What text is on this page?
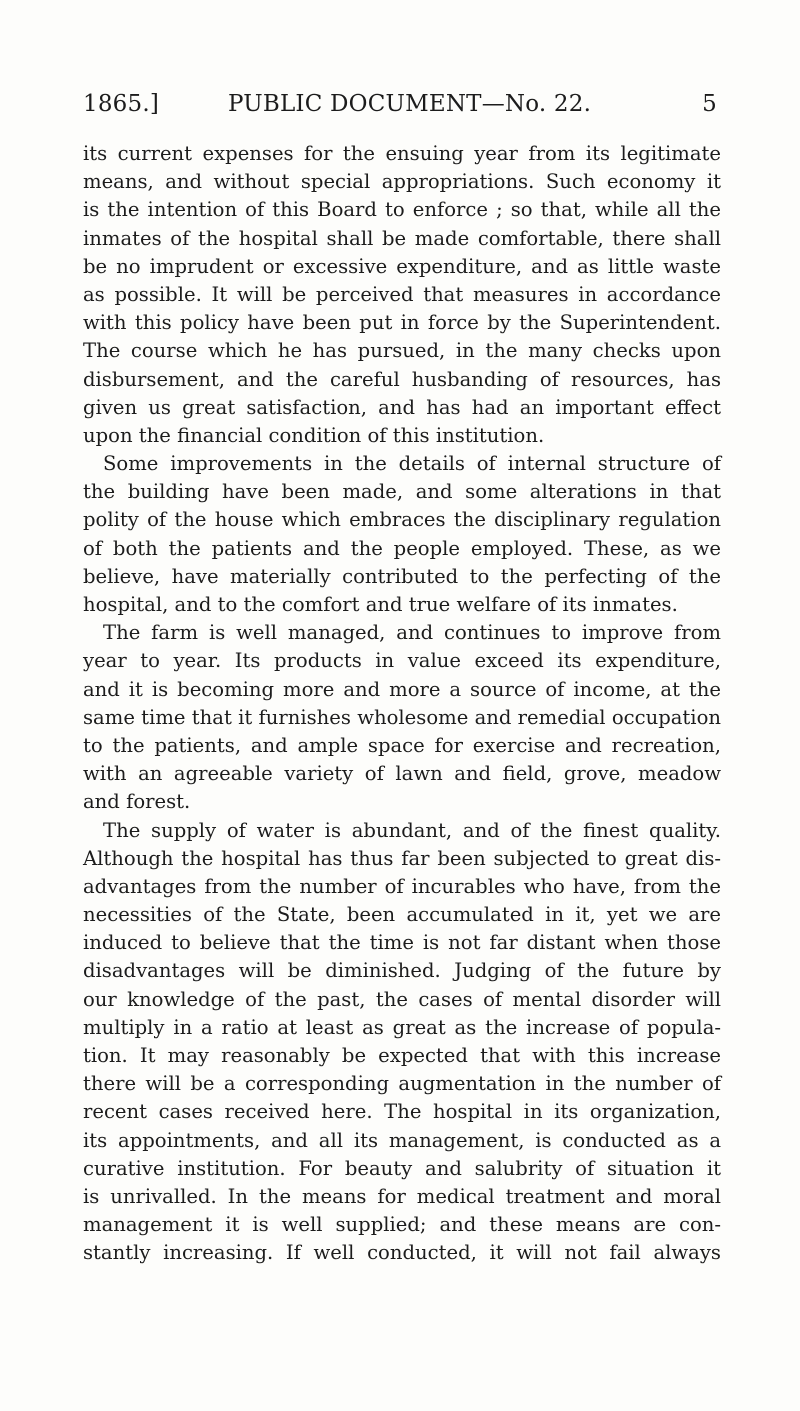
1865.]	PUBLIC DOCUMENT—No. 22.	5
its current expenses for the ensuing year from its legitimate
means, and without special appropriations. Such economy it
is the intention of this Board to enforce ; so that, while all the
inmates of the hospital shall be made comfortable, there shall
be no imprudent or excessive expenditure, and as little waste
as possible. It will be perceived that measures in accordance
with this policy have been put in force by the Superintendent.
The course which he has pursued, in the many checks upon
disbursement, and the careful husbanding of resources, has
given us great satisfaction, and has had an important effect
upon the financial condition of this institution.
Some improvements in the details of internal structure of
the building have been made, and some alterations in that
polity of the house which embraces the disciplinary regulation
of both the patients and the people employed. These, as we
believe, have materially contributed to the perfecting of the
hospital, and to the comfort and true welfare of its inmates.
The farm is well managed, and continues to improve from
year to year. Its products in value exceed its expenditure,
and it is becoming more and more a source of income, at the
same time that it furnishes wholesome and remedial occupation
to the patients, and ample space for exercise and recreation,
with an agreeable variety of lawn and field, grove, meadow
and forest.
The supply of water is abundant, and of the finest quality.
Although the hospital has thus far been subjected to great dis-
advantages from the number of incurables who have, from the
necessities of the State, been accumulated in it, yet we are
induced to believe that the time is not far distant when those
disadvantages will be diminished. Judging of the future by
our knowledge of the past, the cases of mental disorder will
multiply in a ratio at least as great as the increase of popula-
tion. It may reasonably be expected that with this increase
there will be a corresponding augmentation in the number of
recent cases received here. The hospital in its organization,
its appointments, and all its management, is conducted as a
curative institution. For beauty and salubrity of situation it
is unrivalled. In the means for medical treatment and moral
management it is well supplied; and these means are con-
stantly increasing. If well conducted, it will not fail always
